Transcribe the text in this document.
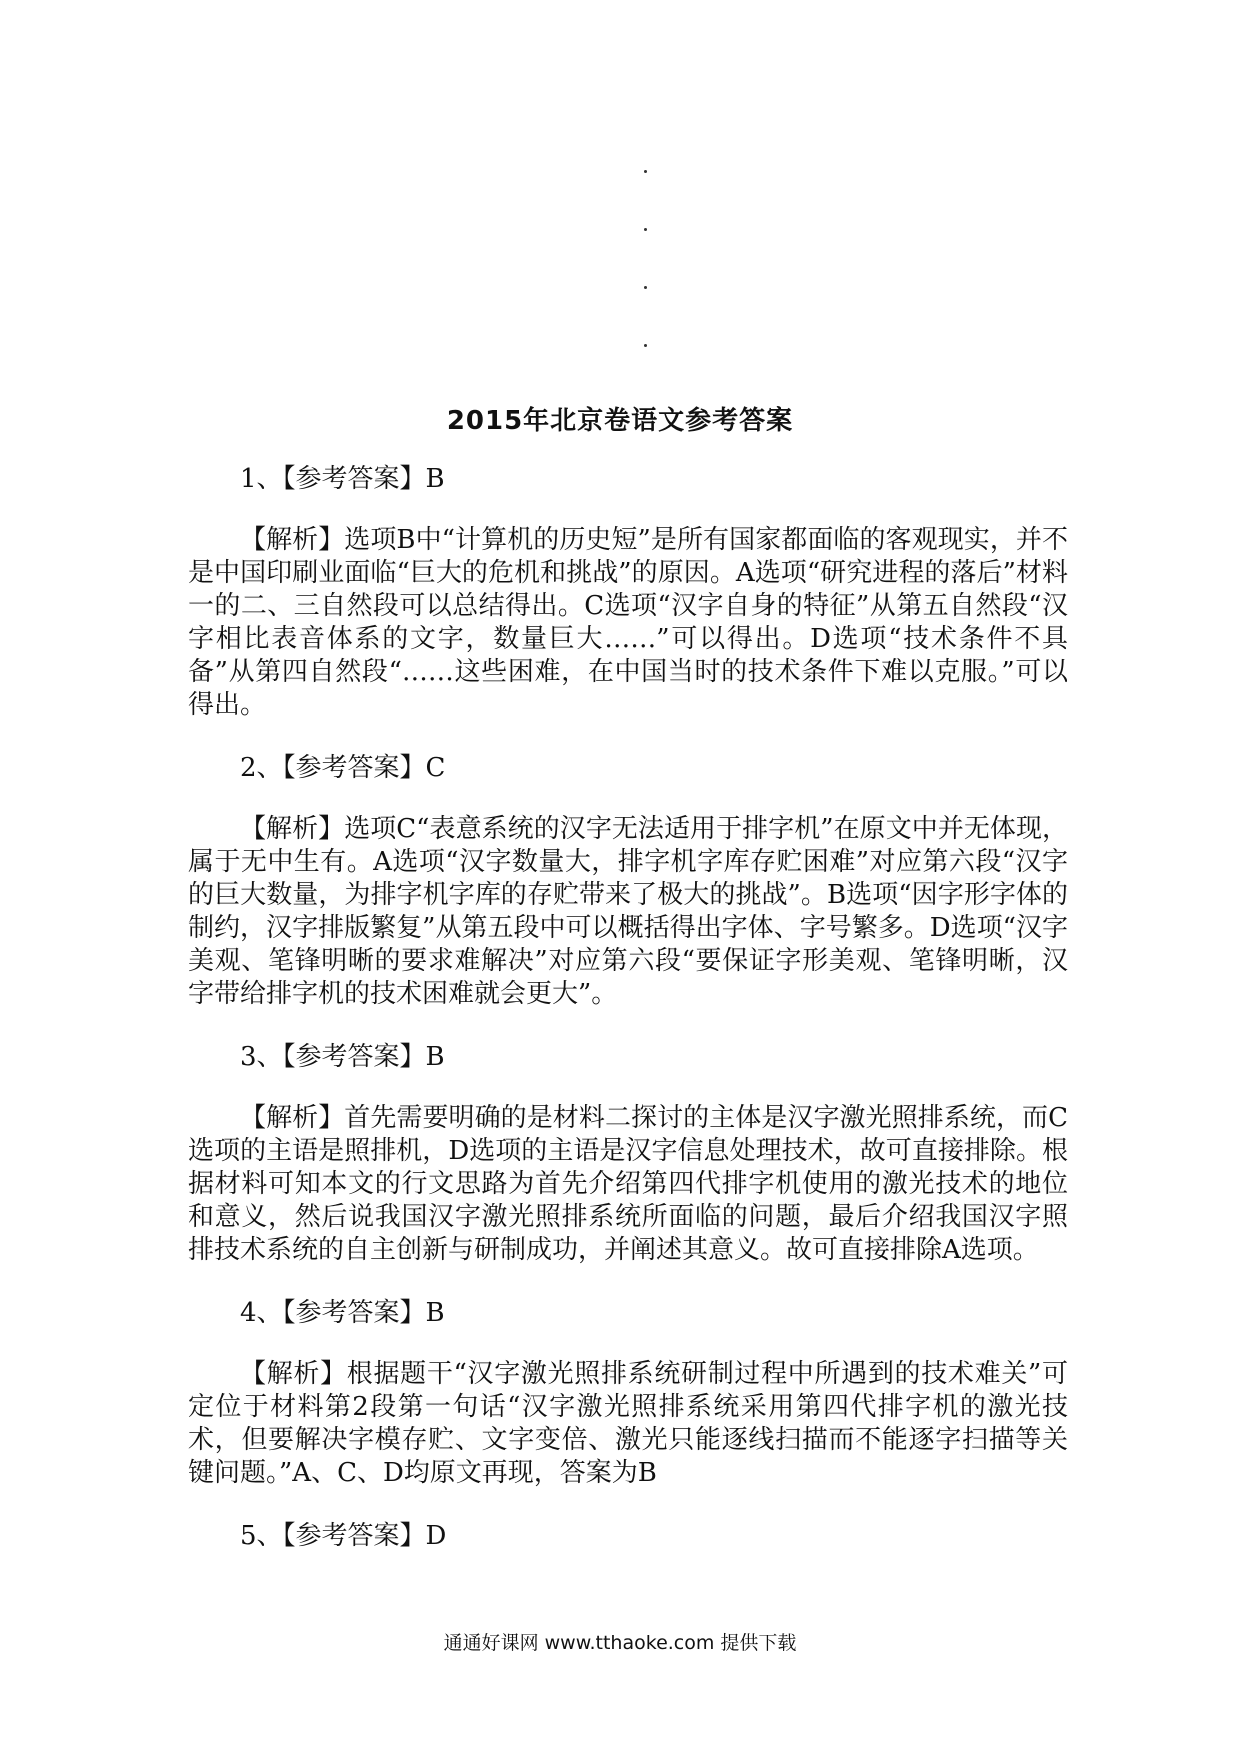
2015年北京卷语文参考答案

1、【参考答案】B

【解析】选项B中“计算机的历史短”是所有国家都面临的客观现实，并不是中国印刷业面临“巨大的危机和挑战”的原因。A选项“研究进程的落后”材料一的二、三自然段可以总结得出。C选项“汉字自身的特征”从第五自然段“汉字相比表音体系的文字，数量巨大……”可以得出。D选项“技术条件不具备”从第四自然段“……这些困难，在中国当时的技术条件下难以克服。”可以得出。

2、【参考答案】C

【解析】选项C“表意系统的汉字无法适用于排字机”在原文中并无体现，属于无中生有。A选项“汉字数量大，排字机字库存贮困难”对应第六段“汉字的巨大数量，为排字机字库的存贮带来了极大的挑战”。B选项“因字形字体的制约，汉字排版繁复”从第五段中可以概括得出字体、字号繁多。D选项“汉字美观、笔锋明晰的要求难解决”对应第六段“要保证字形美观、笔锋明晰，汉字带给排字机的技术困难就会更大”。

3、【参考答案】B

【解析】首先需要明确的是材料二探讨的主体是汉字激光照排系统，而C选项的主语是照排机，D选项的主语是汉字信息处理技术，故可直接排除。根据材料可知本文的行文思路为首先介绍第四代排字机使用的激光技术的地位和意义，然后说我国汉字激光照排系统所面临的问题，最后介绍我国汉字照排技术系统的自主创新与研制成功，并阐述其意义。故可直接排除A选项。

4、【参考答案】B

【解析】根据题干“汉字激光照排系统研制过程中所遇到的技术难关”可定位于材料第2段第一句话“汉字激光照排系统采用第四代排字机的激光技术，但要解决字模存贮、文字变倍、激光只能逐线扫描而不能逐字扫描等关键问题。”A、C、D均原文再现，答案为B

5、【参考答案】D

通通好课网 www.tthaoke.com 提供下载
